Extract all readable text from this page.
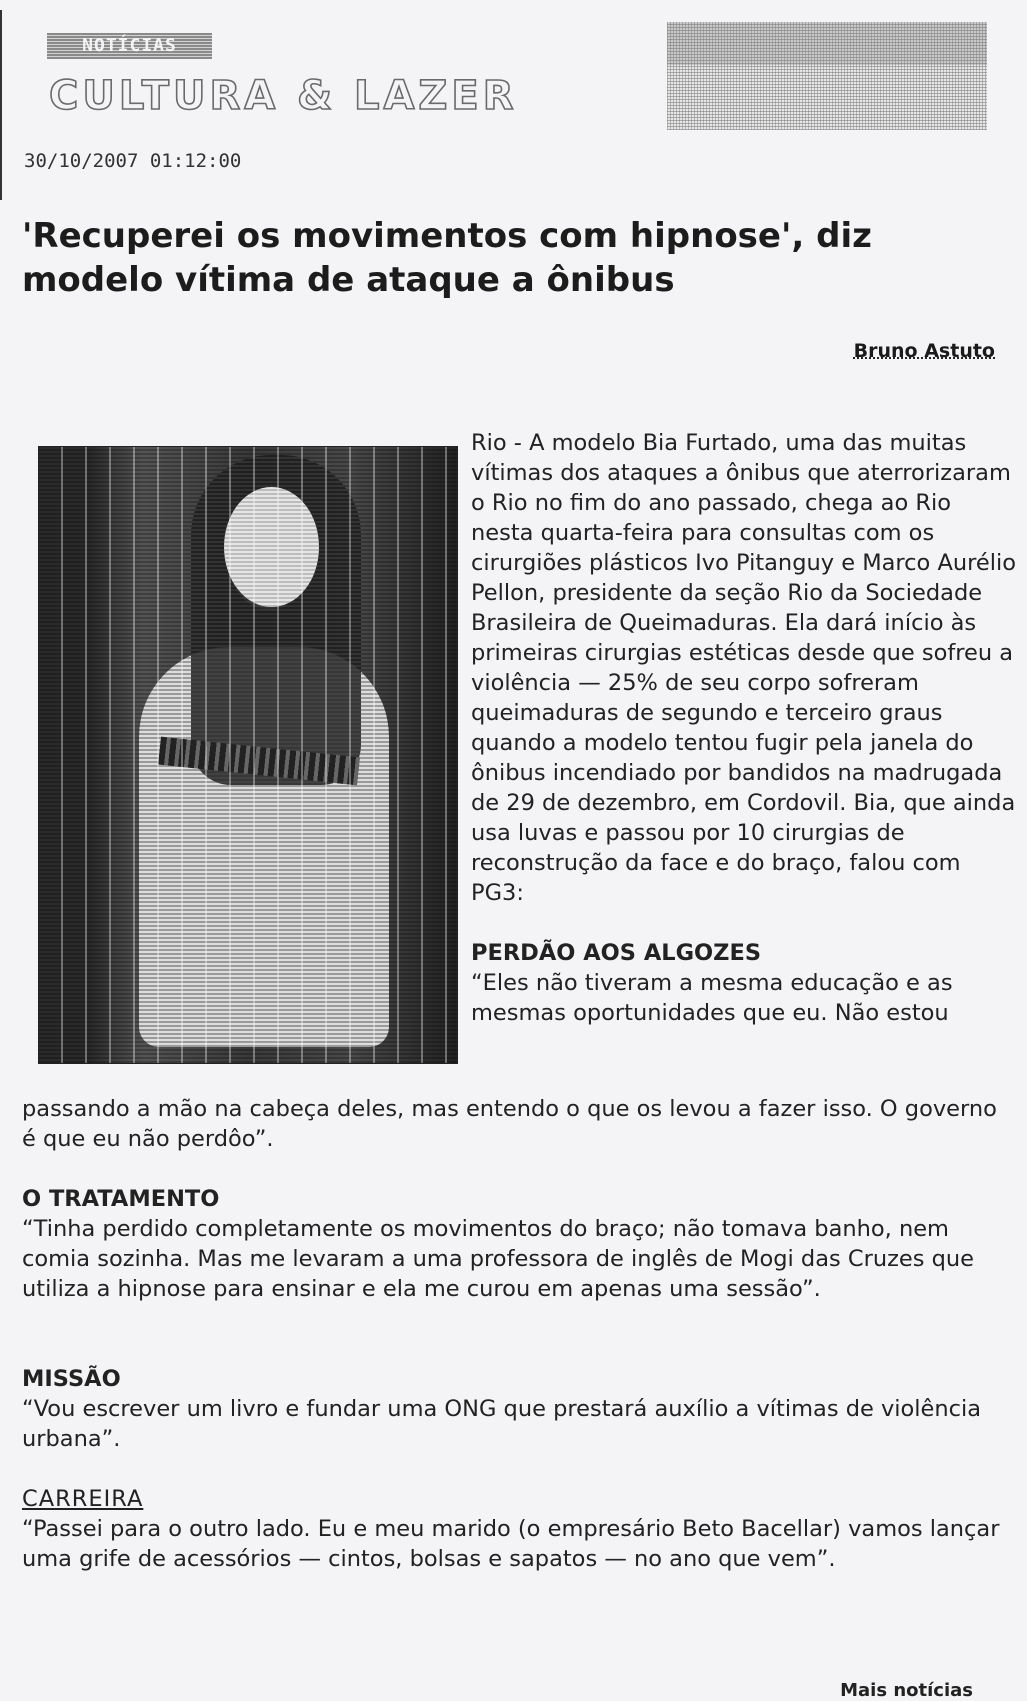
NOTÍCIAS
CULTURA & LAZER
30/10/2007 01:12:00
'Recuperei os movimentos com hipnose', diz modelo vítima de ataque a ônibus
Bruno Astuto

Rio - A modelo Bia Furtado, uma das muitas vítimas dos ataques a ônibus que aterrorizaram o Rio no fim do ano passado, chega ao Rio nesta quarta-feira para consultas com os cirurgiões plásticos Ivo Pitanguy e Marco Aurélio Pellon, presidente da seção Rio da Sociedade Brasileira de Queimaduras. Ela dará início às primeiras cirurgias estéticas desde que sofreu a violência — 25% de seu corpo sofreram queimaduras de segundo e terceiro graus quando a modelo tentou fugir pela janela do ônibus incendiado por bandidos na madrugada de 29 de dezembro, em Cordovil. Bia, que ainda usa luvas e passou por 10 cirurgias de reconstrução da face e do braço, falou com PG3:

PERDÃO AOS ALGOZES

“Eles não tiveram a mesma educação e as mesmas oportunidades que eu. Não estou

passando a mão na cabeça deles, mas entendo o que os levou a fazer isso. O governo é que eu não perdôo”.

O TRATAMENTO

“Tinha perdido completamente os movimentos do braço; não tomava banho, nem comia sozinha. Mas me levaram a uma professora de inglês de Mogi das Cruzes que utiliza a hipnose para ensinar e ela me curou em apenas uma sessão”.

MISSÃO

“Vou escrever um livro e fundar uma ONG que prestará auxílio a vítimas de violência urbana”.

CARREIRA

“Passei para o outro lado. Eu e meu marido (o empresário Beto Bacellar) vamos lançar uma grife de acessórios — cintos, bolsas e sapatos — no ano que vem”.

Mais notícias
